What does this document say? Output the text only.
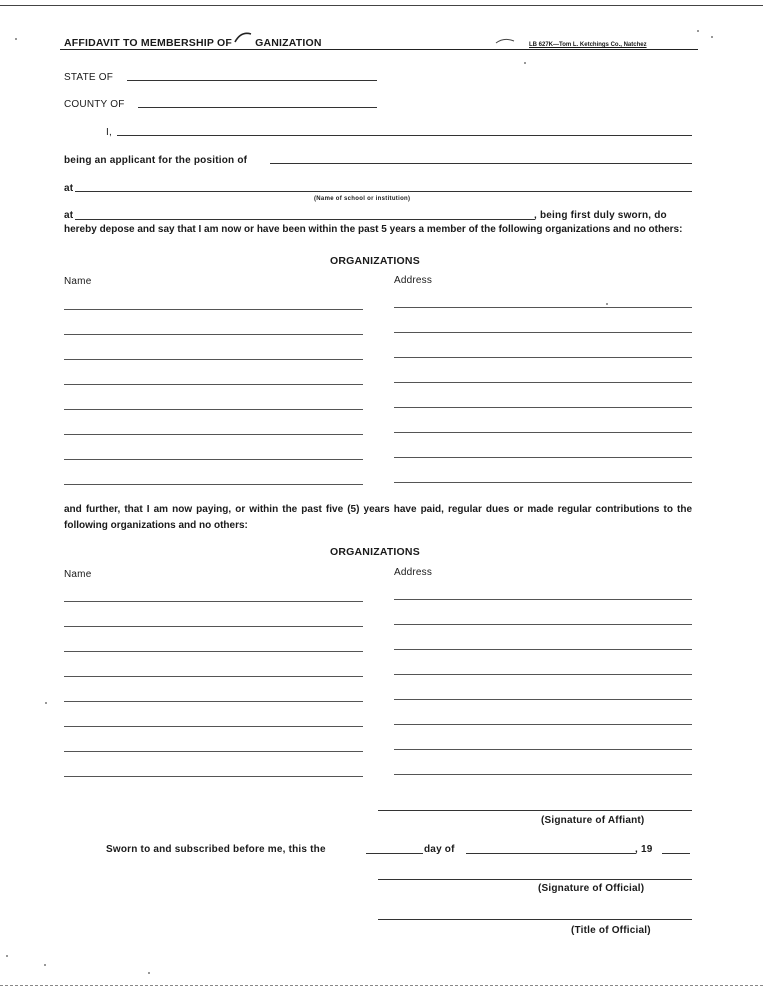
AFFIDAVIT TO MEMBERSHIP OF
GANIZATION	LB 627K—Tom L. Ketchings Co., Natchez
STATE OF
COUNTY OF
I,
being an applicant for the position of
at
(Name of school or institution)
at	, being first duly sworn, do
hereby depose and say that I am now or have been within the past 5 years a member of the following organizations and no others:
ORGANIZATIONS
Name	Address
and further, that I am now paying, or within the past five (5) years have paid, regular dues or made regular contributions to the following organizations and no others:
ORGANIZATIONS
Name	Address
(Signature of Affiant)
Sworn to and subscribed before me, this the	day of	, 19
(Signature of Official)
(Title of Official)
